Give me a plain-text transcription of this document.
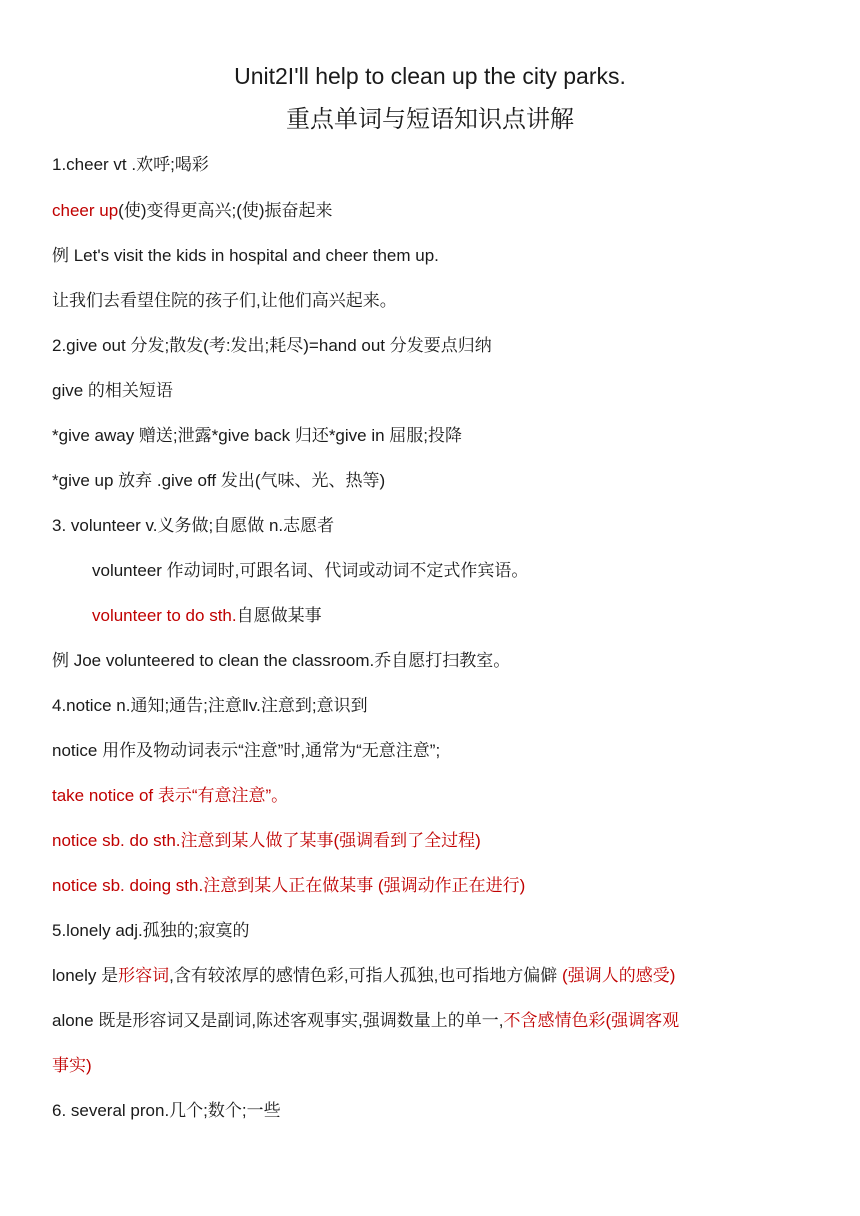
Unit2I'll help to clean up the city parks.
重点单词与短语知识点讲解
1.cheer vt .欢呼;喝彩
cheer up(使)变得更高兴;(使)振奋起来
例 Let's visit the kids in hospital and cheer them up.
让我们去看望住院的孩子们,让他们高兴起来。
2.give out 分发;散发(考:发出;耗尽)=hand out 分发要点归纳
give 的相关短语
*give away 赠送;泄露*give back 归还*give in 屈服;投降
*give up 放弃 .give off 发出(气味、光、热等)
3. volunteer v.义务做;自愿做 n.志愿者
volunteer 作动词时,可跟名词、代词或动词不定式作宾语。
volunteer to do sth.自愿做某事
例 Joe volunteered to clean the classroom.乔自愿打扫教室。
4.notice n.通知;通告;注意‖v.注意到;意识到
notice 用作及物动词表示“注意”时,通常为“无意注意”;
take notice of 表示“有意注意”。
notice sb. do sth.注意到某人做了某事(强调看到了全过程)
notice sb. doing sth.注意到某人正在做某事 (强调动作正在进行)
5.lonely adj.孤独的;寂寞的
lonely 是形容词,含有较浓厚的感情色彩,可指人孤独,也可指地方偏僻 (强调人的感受)
alone 既是形容词又是副词,陈述客观事实,强调数量上的单一,不含感情色彩(强调客观
事实)
6. several pron.几个;数个;一些
